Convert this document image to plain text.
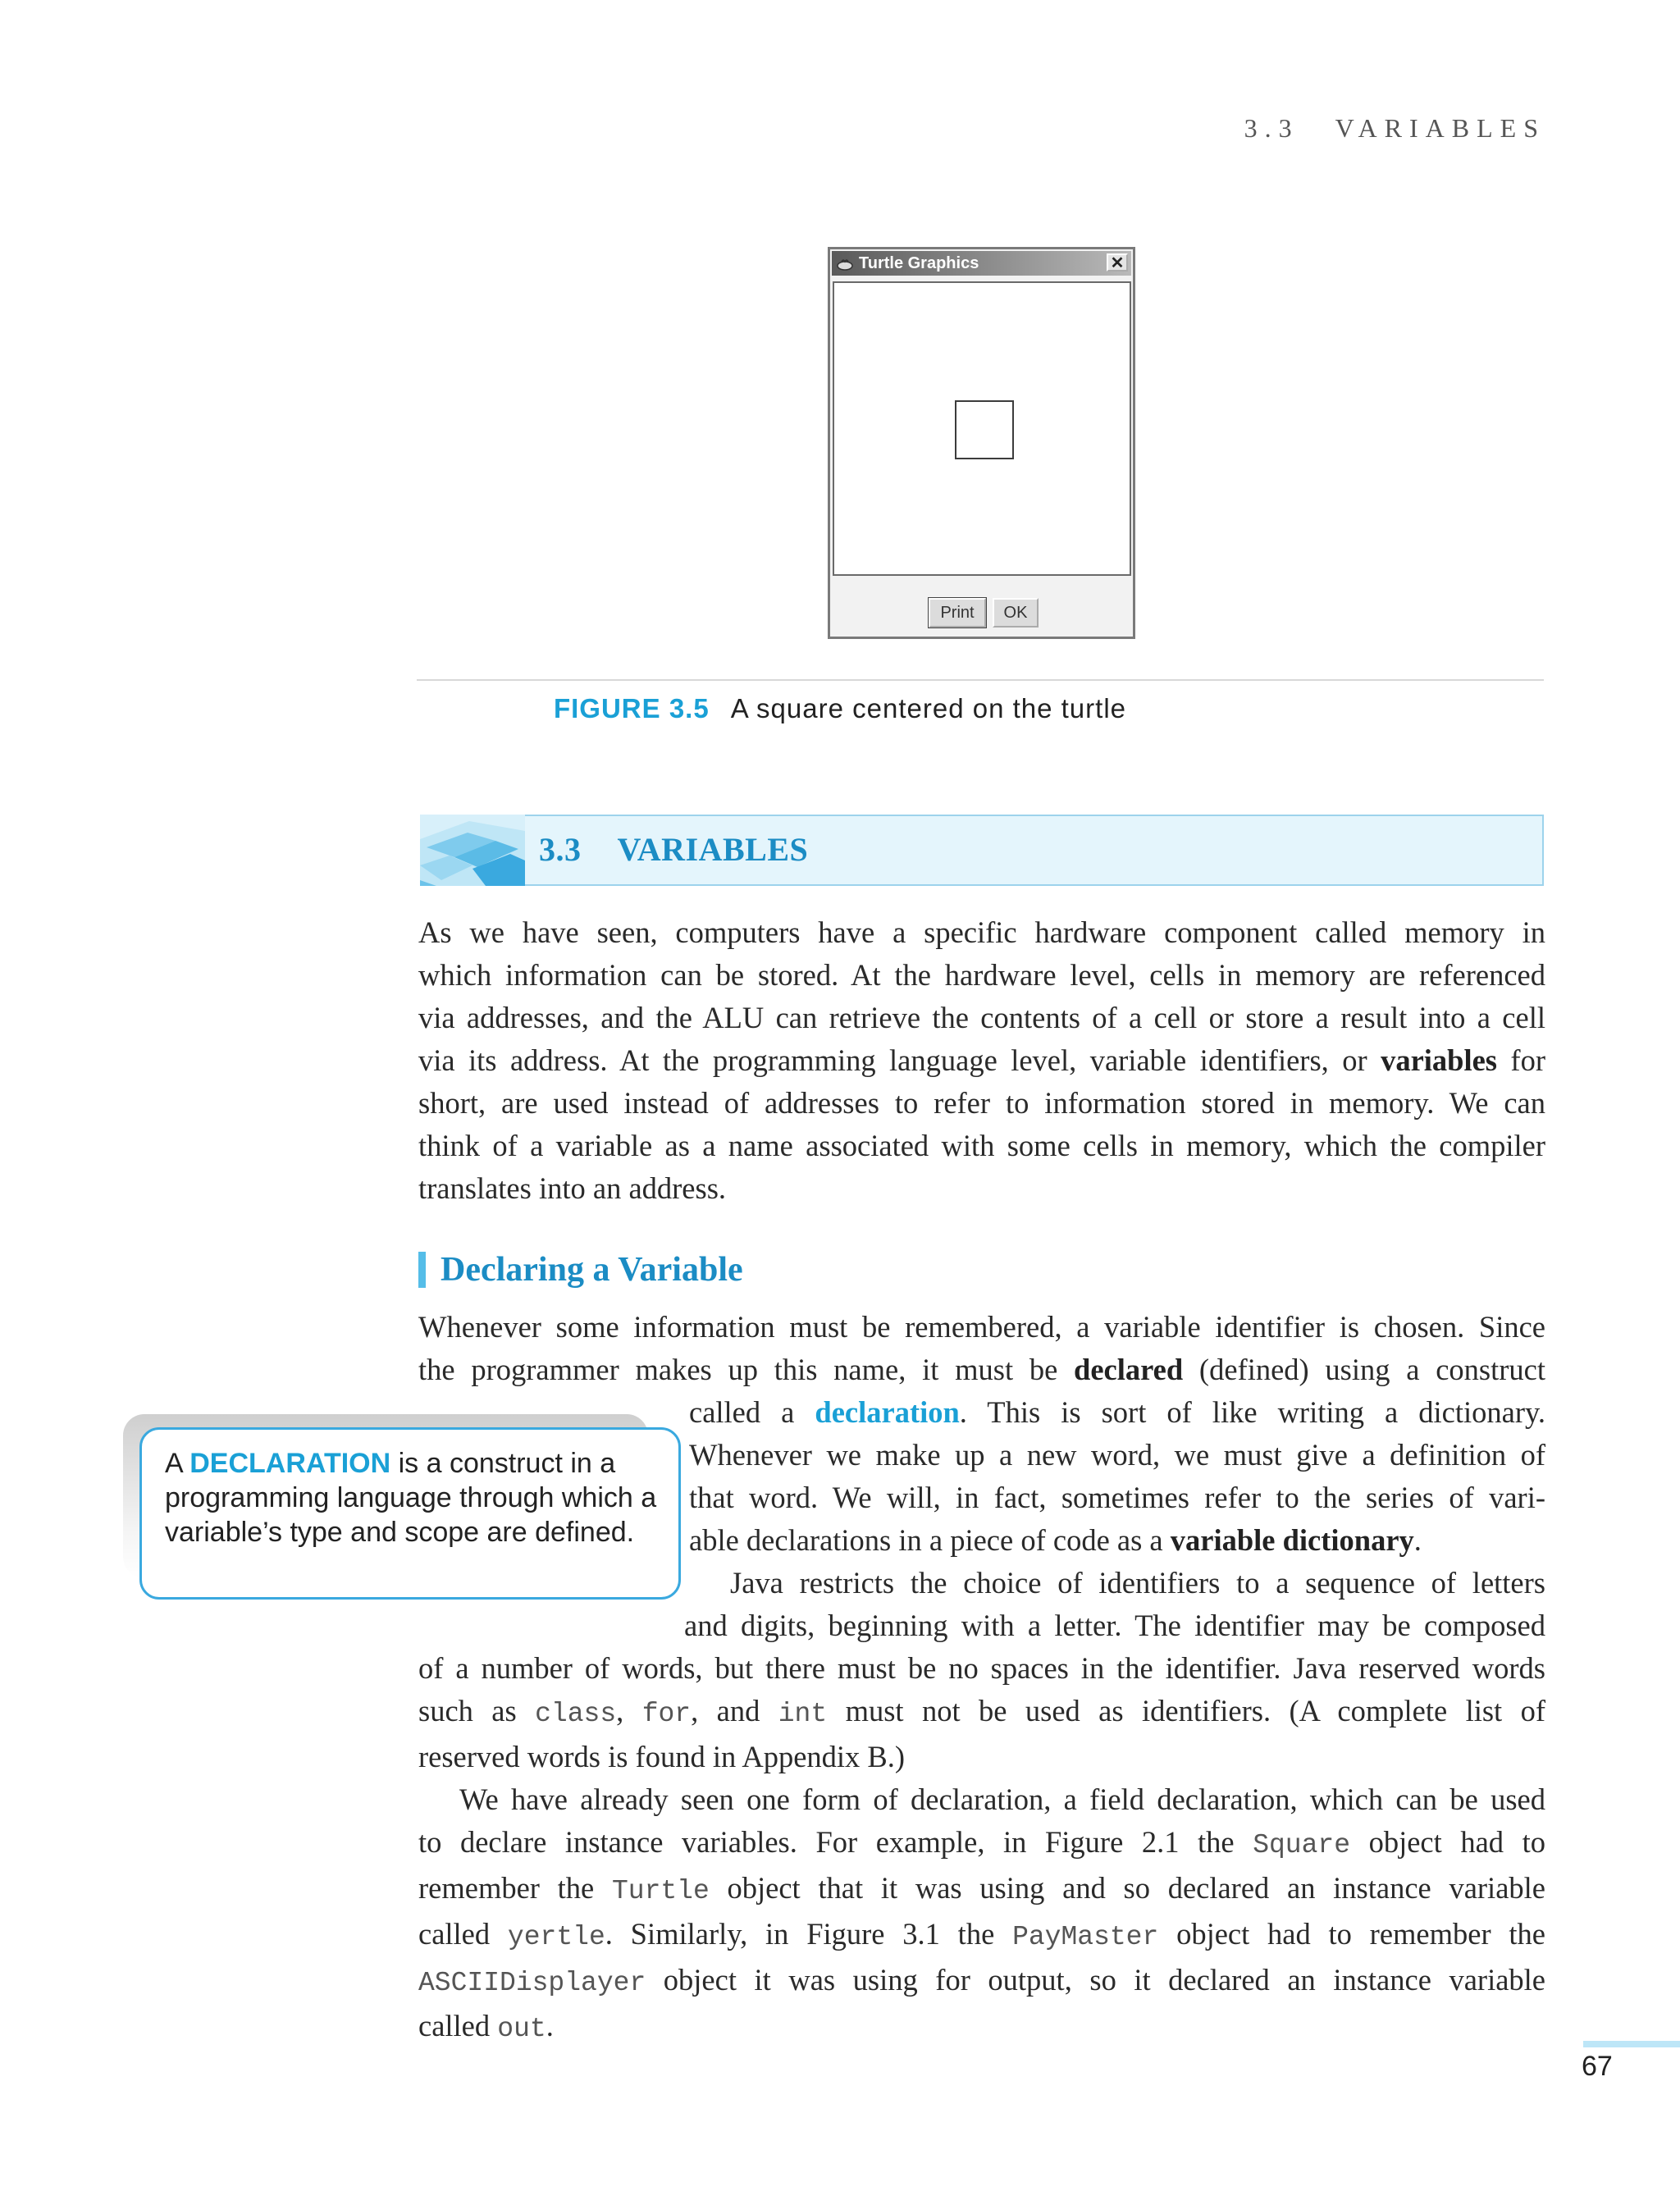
3.3 VARIABLES
Turtle Graphics	✕
Print	OK
FIGURE 3.5 A square centered on the turtle
3.3 VARIABLES
As we have seen, computers have a specific hardware component called memory in
which information can be stored. At the hardware level, cells in memory are referenced
via addresses, and the ALU can retrieve the contents of a cell or store a result into a cell
via its address. At the programming language level, variable identifiers, or variables for
short, are used instead of addresses to refer to information stored in memory. We can
think of a variable as a name associated with some cells in memory, which the compiler
translates into an address.
Declaring a Variable
Whenever some information must be remembered, a variable identifier is chosen. Since
the programmer makes up this name, it must be declared (defined) using a construct
called a declaration. This is sort of like writing a dictionary.
Whenever we make up a new word, we must give a definition of
that word. We will, in fact, sometimes refer to the series of vari-
able declarations in a piece of code as a variable dictionary.
Java restricts the choice of identifiers to a sequence of letters
and digits, beginning with a letter. The identifier may be composed
of a number of words, but there must be no spaces in the identifier. Java reserved words
such as class, for, and int must not be used as identifiers. (A complete list of
reserved words is found in Appendix B.)
We have already seen one form of declaration, a field declaration, which can be used
to declare instance variables. For example, in Figure 2.1 the Square object had to
remember the Turtle object that it was using and so declared an instance variable
called yertle. Similarly, in Figure 3.1 the PayMaster object had to remember the
ASCIIDisplayer object it was using for output, so it declared an instance variable
called out.
A DECLARATION is a construct in a programming language through which a variable’s type and scope are defined.
67
